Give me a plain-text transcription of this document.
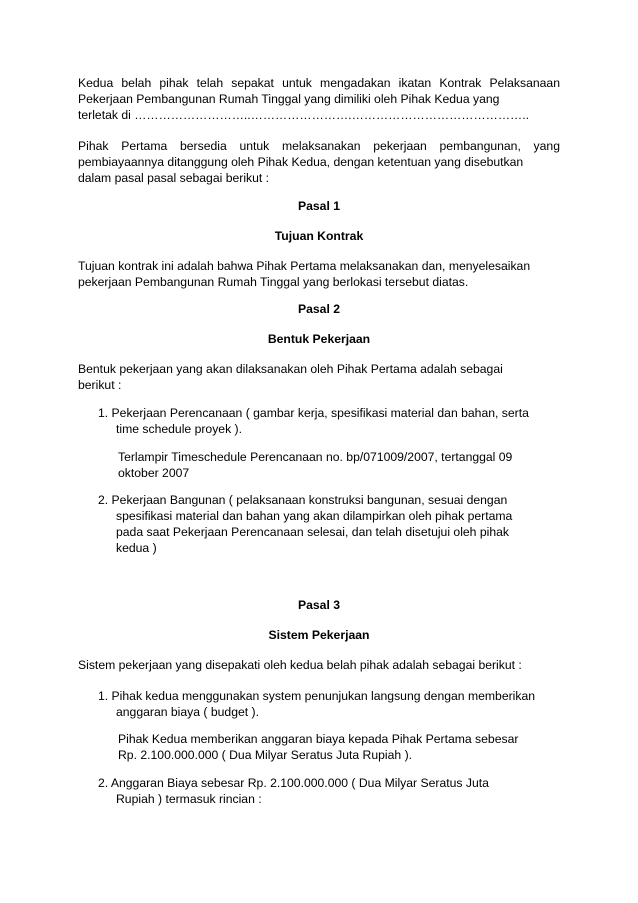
Kedua belah pihak telah sepakat untuk mengadakan ikatan Kontrak Pelaksanaan Pekerjaan Pembangunan Rumah Tinggal yang dimiliki oleh Pihak Kedua yang
terletak di ………………………..…………………….……………………………………..

Pihak Pertama bersedia untuk melaksanakan pekerjaan pembangunan, yang pembiayaannya ditanggung oleh Pihak Kedua, dengan ketentuan yang disebutkan
dalam pasal pasal sebagai berikut :

Pasal 1

Tujuan Kontrak

Tujuan kontrak ini adalah bahwa Pihak Pertama melaksanakan dan, menyelesaikan
pekerjaan Pembangunan Rumah Tinggal yang berlokasi tersebut diatas.

Pasal 2

Bentuk Pekerjaan

Bentuk pekerjaan yang akan dilaksanakan oleh Pihak Pertama adalah sebagai
berikut :

1. Pekerjaan Perencanaan ( gambar kerja, spesifikasi material dan bahan, serta
time schedule proyek ).

Terlampir Timeschedule Perencanaan no. bp/071009/2007, tertanggal 09
oktober 2007

2. Pekerjaan Bangunan ( pelaksanaan konstruksi bangunan, sesuai dengan
spesifikasi material dan bahan yang akan dilampirkan oleh pihak pertama
pada saat Pekerjaan Perencanaan selesai, dan telah disetujui oleh pihak
kedua )

Pasal 3

Sistem Pekerjaan

Sistem pekerjaan yang disepakati oleh kedua belah pihak adalah sebagai berikut :

1. Pihak kedua menggunakan system penunjukan langsung dengan memberikan
anggaran biaya ( budget ).

Pihak Kedua memberikan anggaran biaya kepada Pihak Pertama sebesar
Rp. 2.100.000.000 ( Dua Milyar Seratus Juta Rupiah ).

2. Anggaran Biaya sebesar Rp. 2.100.000.000 ( Dua Milyar Seratus Juta
Rupiah ) termasuk rincian :
